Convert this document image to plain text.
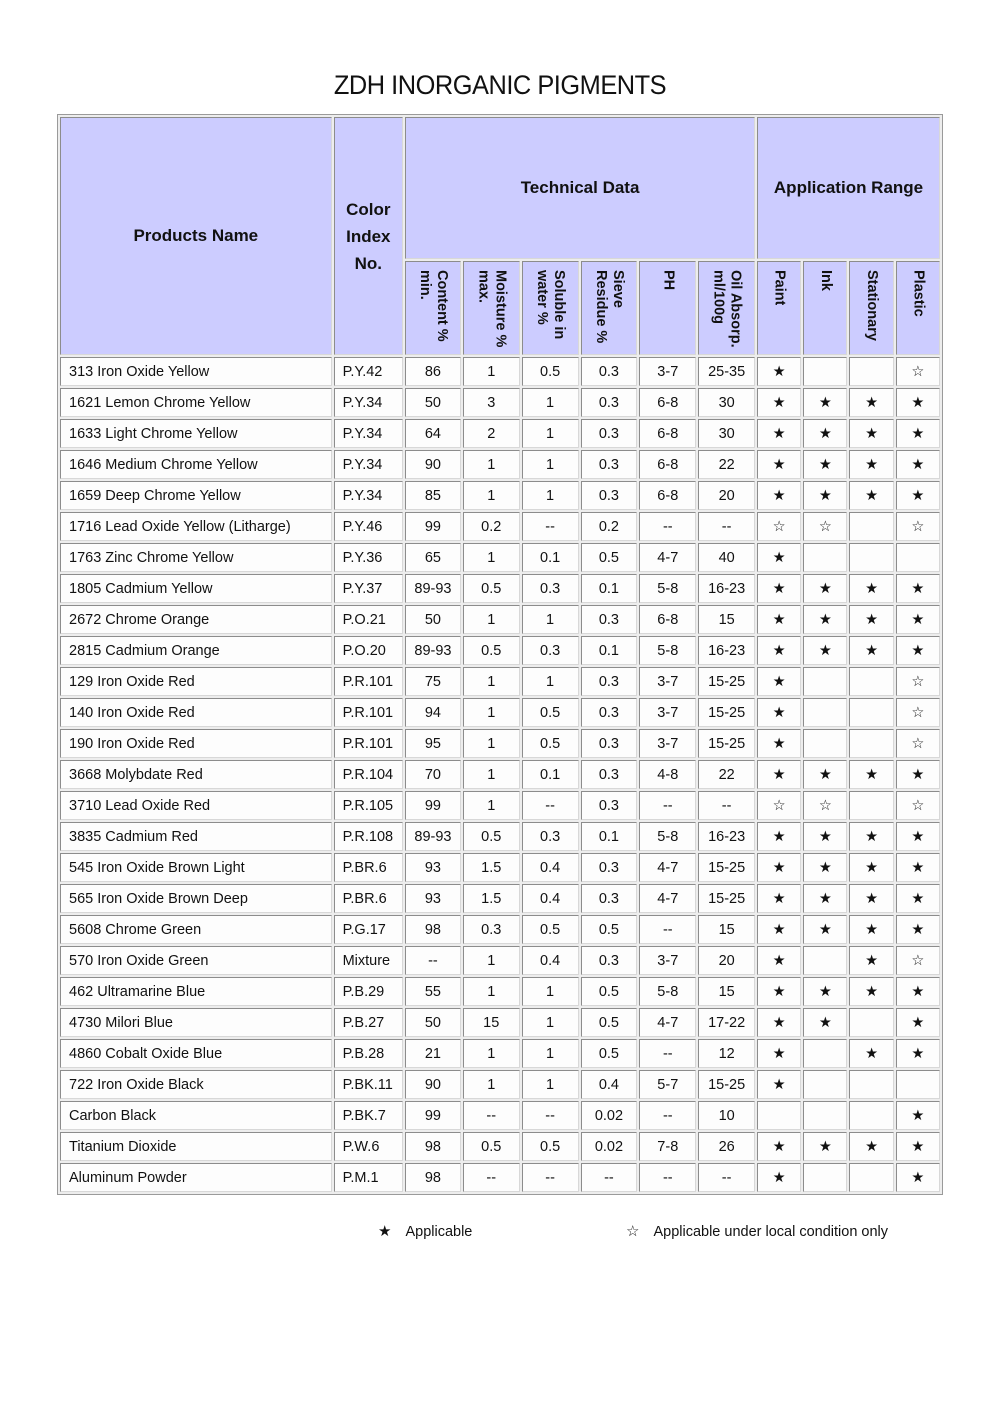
ZDH INORGANIC PIGMENTS
Products Name	Color
Index
No.	Technical Data						Application Range			

		Content % min.	Moisture % max.	Soluble in water %	Sieve Residue %	PH	Oil Absorp. ml/100g	Paint	Ink	Stationary	Plastic

313 Iron Oxide Yellow	P.Y.42	86	1	0.5	0.3	3-7	25-35	★			☆
1621 Lemon Chrome Yellow	P.Y.34	50	3	1	0.3	6-8	30	★	★	★	★
1633 Light Chrome Yellow	P.Y.34	64	2	1	0.3	6-8	30	★	★	★	★
1646 Medium Chrome Yellow	P.Y.34	90	1	1	0.3	6-8	22	★	★	★	★
1659 Deep Chrome Yellow	P.Y.34	85	1	1	0.3	6-8	20	★	★	★	★
1716 Lead Oxide Yellow (Litharge)	P.Y.46	99	0.2	--	0.2	--	--	☆	☆		☆
1763 Zinc Chrome Yellow	P.Y.36	65	1	0.1	0.5	4-7	40	★			
1805 Cadmium Yellow	P.Y.37	89-93	0.5	0.3	0.1	5-8	16-23	★	★	★	★
2672 Chrome Orange	P.O.21	50	1	1	0.3	6-8	15	★	★	★	★
2815 Cadmium Orange	P.O.20	89-93	0.5	0.3	0.1	5-8	16-23	★	★	★	★
129 Iron Oxide Red	P.R.101	75	1	1	0.3	3-7	15-25	★			☆
140 Iron Oxide Red	P.R.101	94	1	0.5	0.3	3-7	15-25	★			☆
190 Iron Oxide Red	P.R.101	95	1	0.5	0.3	3-7	15-25	★			☆
3668 Molybdate Red	P.R.104	70	1	0.1	0.3	4-8	22	★	★	★	★
3710 Lead Oxide Red	P.R.105	99	1	--	0.3	--	--	☆	☆		☆
3835 Cadmium Red	P.R.108	89-93	0.5	0.3	0.1	5-8	16-23	★	★	★	★
545 Iron Oxide Brown Light	P.BR.6	93	1.5	0.4	0.3	4-7	15-25	★	★	★	★
565 Iron Oxide Brown Deep	P.BR.6	93	1.5	0.4	0.3	4-7	15-25	★	★	★	★
5608 Chrome Green	P.G.17	98	0.3	0.5	0.5	--	15	★	★	★	★
570 Iron Oxide Green	Mixture	--	1	0.4	0.3	3-7	20	★		★	☆
462 Ultramarine Blue	P.B.29	55	1	1	0.5	5-8	15	★	★	★	★
4730 Milori Blue	P.B.27	50	15	1	0.5	4-7	17-22	★	★		★
4860 Cobalt Oxide Blue	P.B.28	21	1	1	0.5	--	12	★		★	★
722 Iron Oxide Black	P.BK.11	90	1	1	0.4	5-7	15-25	★			
Carbon Black	P.BK.7	99	--	--	0.02	--	10				★
Titanium Dioxide	P.W.6	98	0.5	0.5	0.02	7-8	26	★	★	★	★
Aluminum Powder	P.M.1	98	--	--	--	--	--	★			★
★ Applicable	☆ Applicable under local condition only
